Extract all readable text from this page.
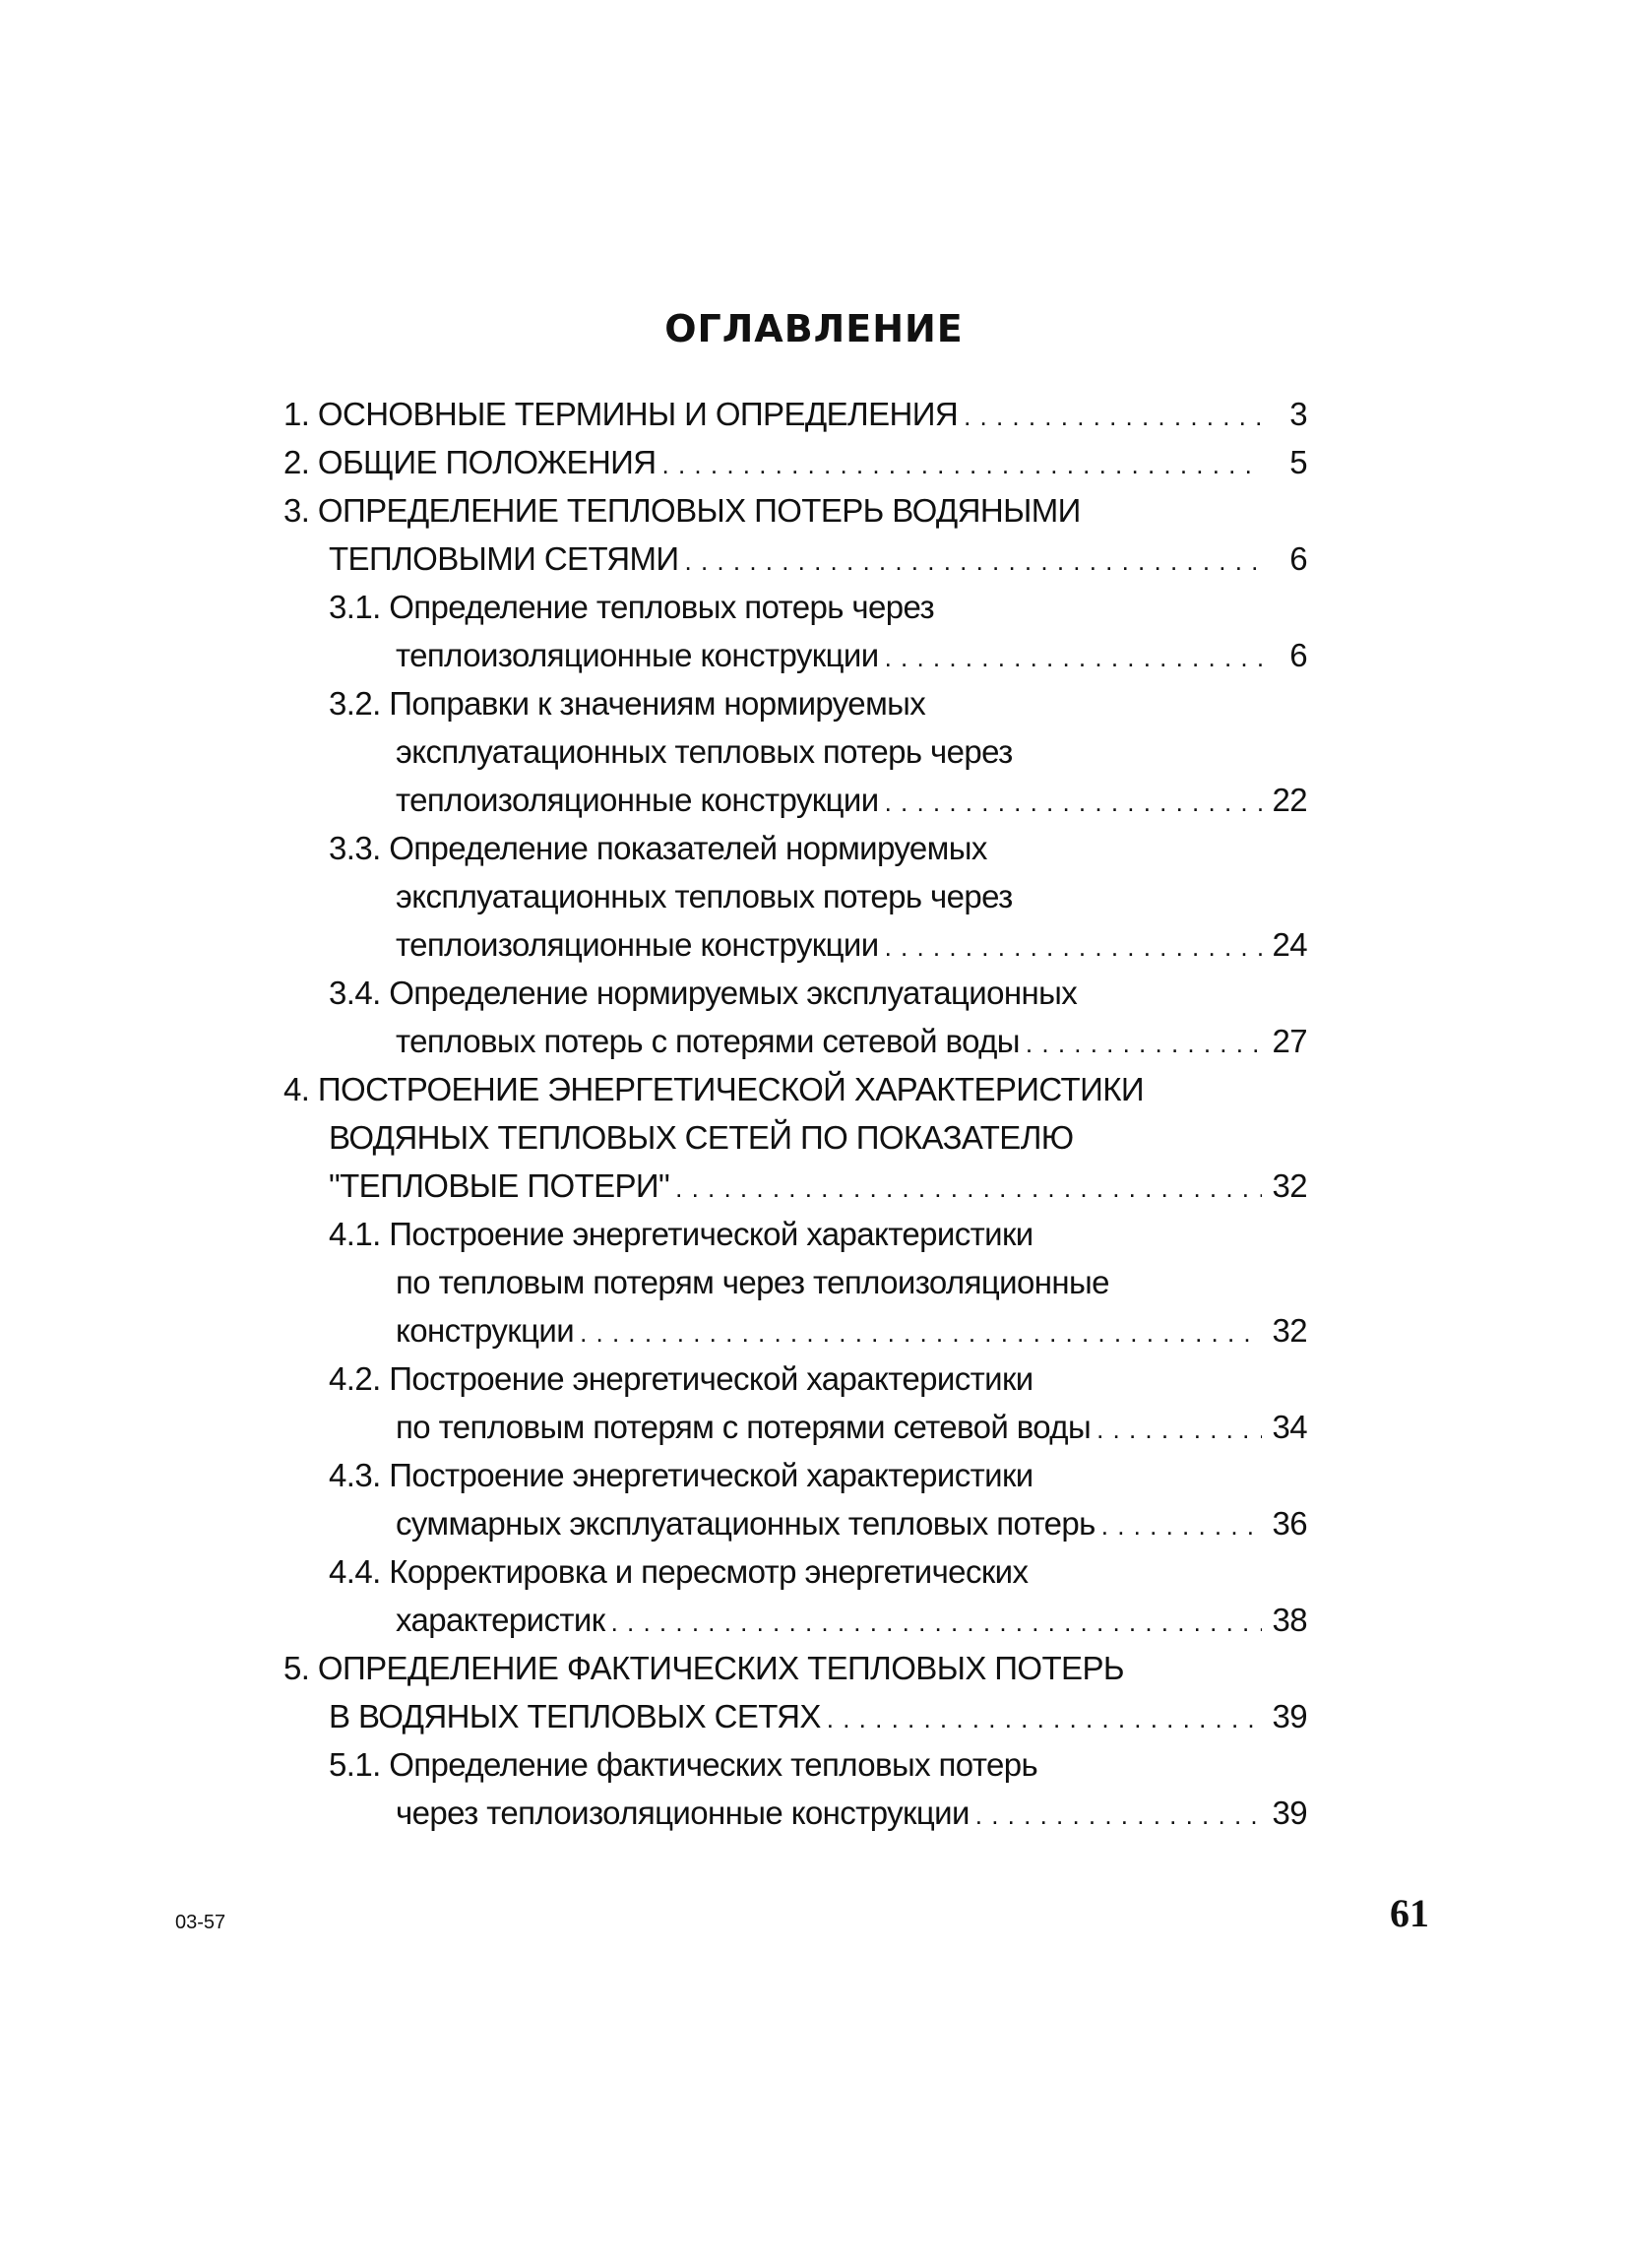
ОГЛАВЛЕНИЕ
1. ОСНОВНЫЕ ТЕРМИНЫ И ОПРЕДЕЛЕНИЯ . . .	3
2. ОБЩИЕ ПОЛОЖЕНИЯ . . .	5
3. ОПРЕДЕЛЕНИЕ ТЕПЛОВЫХ ПОТЕРЬ ВОДЯНЫМИ
ТЕПЛОВЫМИ СЕТЯМИ . . .	6
3.1. Определение тепловых потерь через
теплоизоляционные конструкции . . .	6
3.2. Поправки к значениям нормируемых
эксплуатационных тепловых потерь через
теплоизоляционные конструкции . . .	22
3.3. Определение показателей нормируемых
эксплуатационных тепловых потерь через
теплоизоляционные конструкции . . .	24
3.4. Определение нормируемых эксплуатационных
тепловых потерь с потерями сетевой воды . . .	27
4. ПОСТРОЕНИЕ ЭНЕРГЕТИЧЕСКОЙ ХАРАКТЕРИСТИКИ
ВОДЯНЫХ ТЕПЛОВЫХ СЕТЕЙ ПО ПОКАЗАТЕЛЮ
"ТЕПЛОВЫЕ ПОТЕРИ" . . .	32
4.1. Построение энергетической характеристики
по тепловым потерям через теплоизоляционные
конструкции . . .	32
4.2. Построение энергетической характеристики
по тепловым потерям с потерями сетевой воды . . .	34
4.3. Построение энергетической характеристики
суммарных эксплуатационных тепловых потерь . . .	36
4.4. Корректировка и пересмотр энергетических
характеристик . . .	38
5. ОПРЕДЕЛЕНИЕ ФАКТИЧЕСКИХ ТЕПЛОВЫХ ПОТЕРЬ
В ВОДЯНЫХ ТЕПЛОВЫХ СЕТЯХ . . .	39
5.1. Определение фактических тепловых потерь
через теплоизоляционные конструкции . . .	39
03-57	61
